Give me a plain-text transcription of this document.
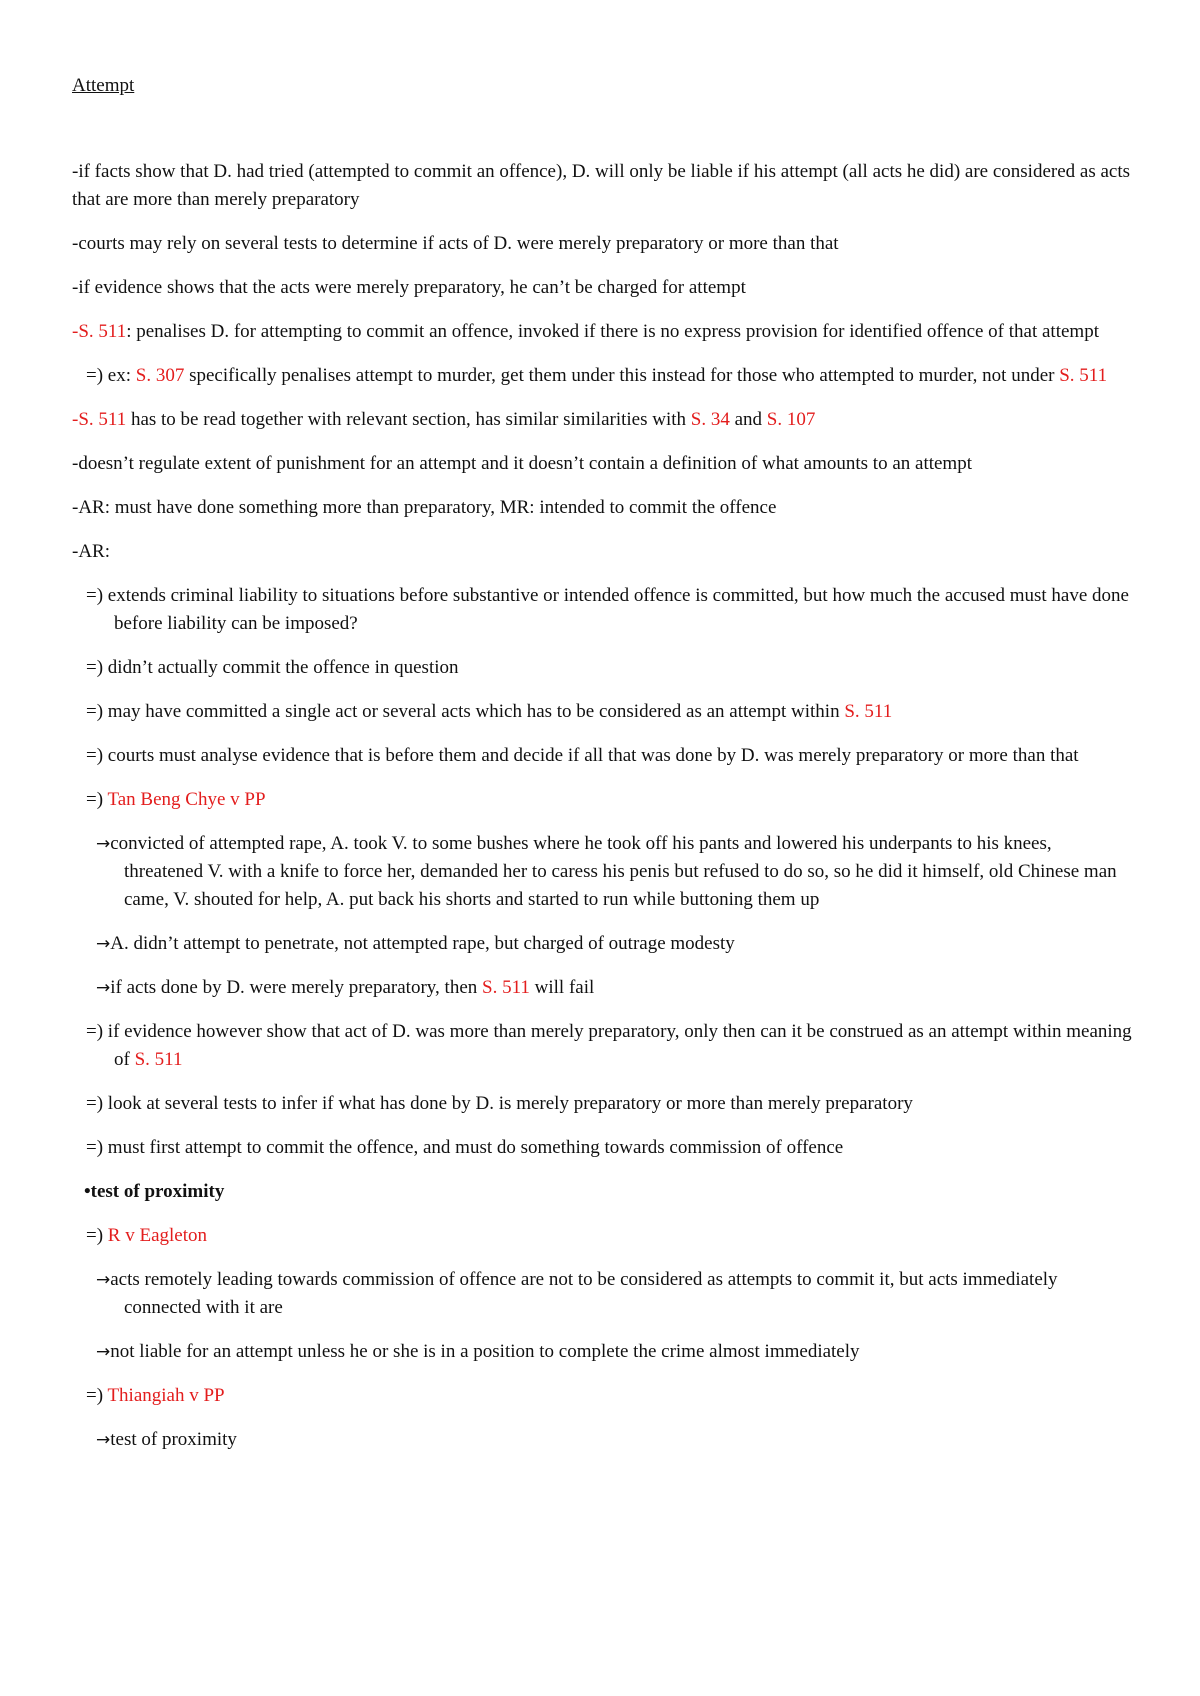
Attempt
-if facts show that D. had tried (attempted to commit an offence), D. will only be liable if his attempt (all acts he did) are considered as acts that are more than merely preparatory
-courts may rely on several tests to determine if acts of D. were merely preparatory or more than that
-if evidence shows that the acts were merely preparatory, he can’t be charged for attempt
-S. 511: penalises D. for attempting to commit an offence, invoked if there is no express provision for identified offence of that attempt
=) ex: S. 307 specifically penalises attempt to murder, get them under this instead for those who attempted to murder, not under S. 511
-S. 511 has to be read together with relevant section, has similar similarities with S. 34 and S. 107
-doesn’t regulate extent of punishment for an attempt and it doesn’t contain a definition of what amounts to an attempt
-AR: must have done something more than preparatory, MR: intended to commit the offence
-AR:
=) extends criminal liability to situations before substantive or intended offence is committed, but how much the accused must have done before liability can be imposed?
=) didn’t actually commit the offence in question
=) may have committed a single act or several acts which has to be considered as an attempt within S. 511
=) courts must analyse evidence that is before them and decide if all that was done by D. was merely preparatory or more than that
=) Tan Beng Chye v PP
→convicted of attempted rape, A. took V. to some bushes where he took off his pants and lowered his underpants to his knees, threatened V. with a knife to force her, demanded her to caress his penis but refused to do so, so he did it himself, old Chinese man came, V. shouted for help, A. put back his shorts and started to run while buttoning them up
→A. didn’t attempt to penetrate, not attempted rape, but charged of outrage modesty
→if acts done by D. were merely preparatory, then S. 511 will fail
=) if evidence however show that act of D. was more than merely preparatory, only then can it be construed as an attempt within meaning of S. 511
=) look at several tests to infer if what has done by D. is merely preparatory or more than merely preparatory
=) must first attempt to commit the offence, and must do something towards commission of offence
•test of proximity
=) R v Eagleton
→acts remotely leading towards commission of offence are not to be considered as attempts to commit it, but acts immediately connected with it are
→not liable for an attempt unless he or she is in a position to complete the crime almost immediately
=) Thiangiah v PP
→test of proximity
